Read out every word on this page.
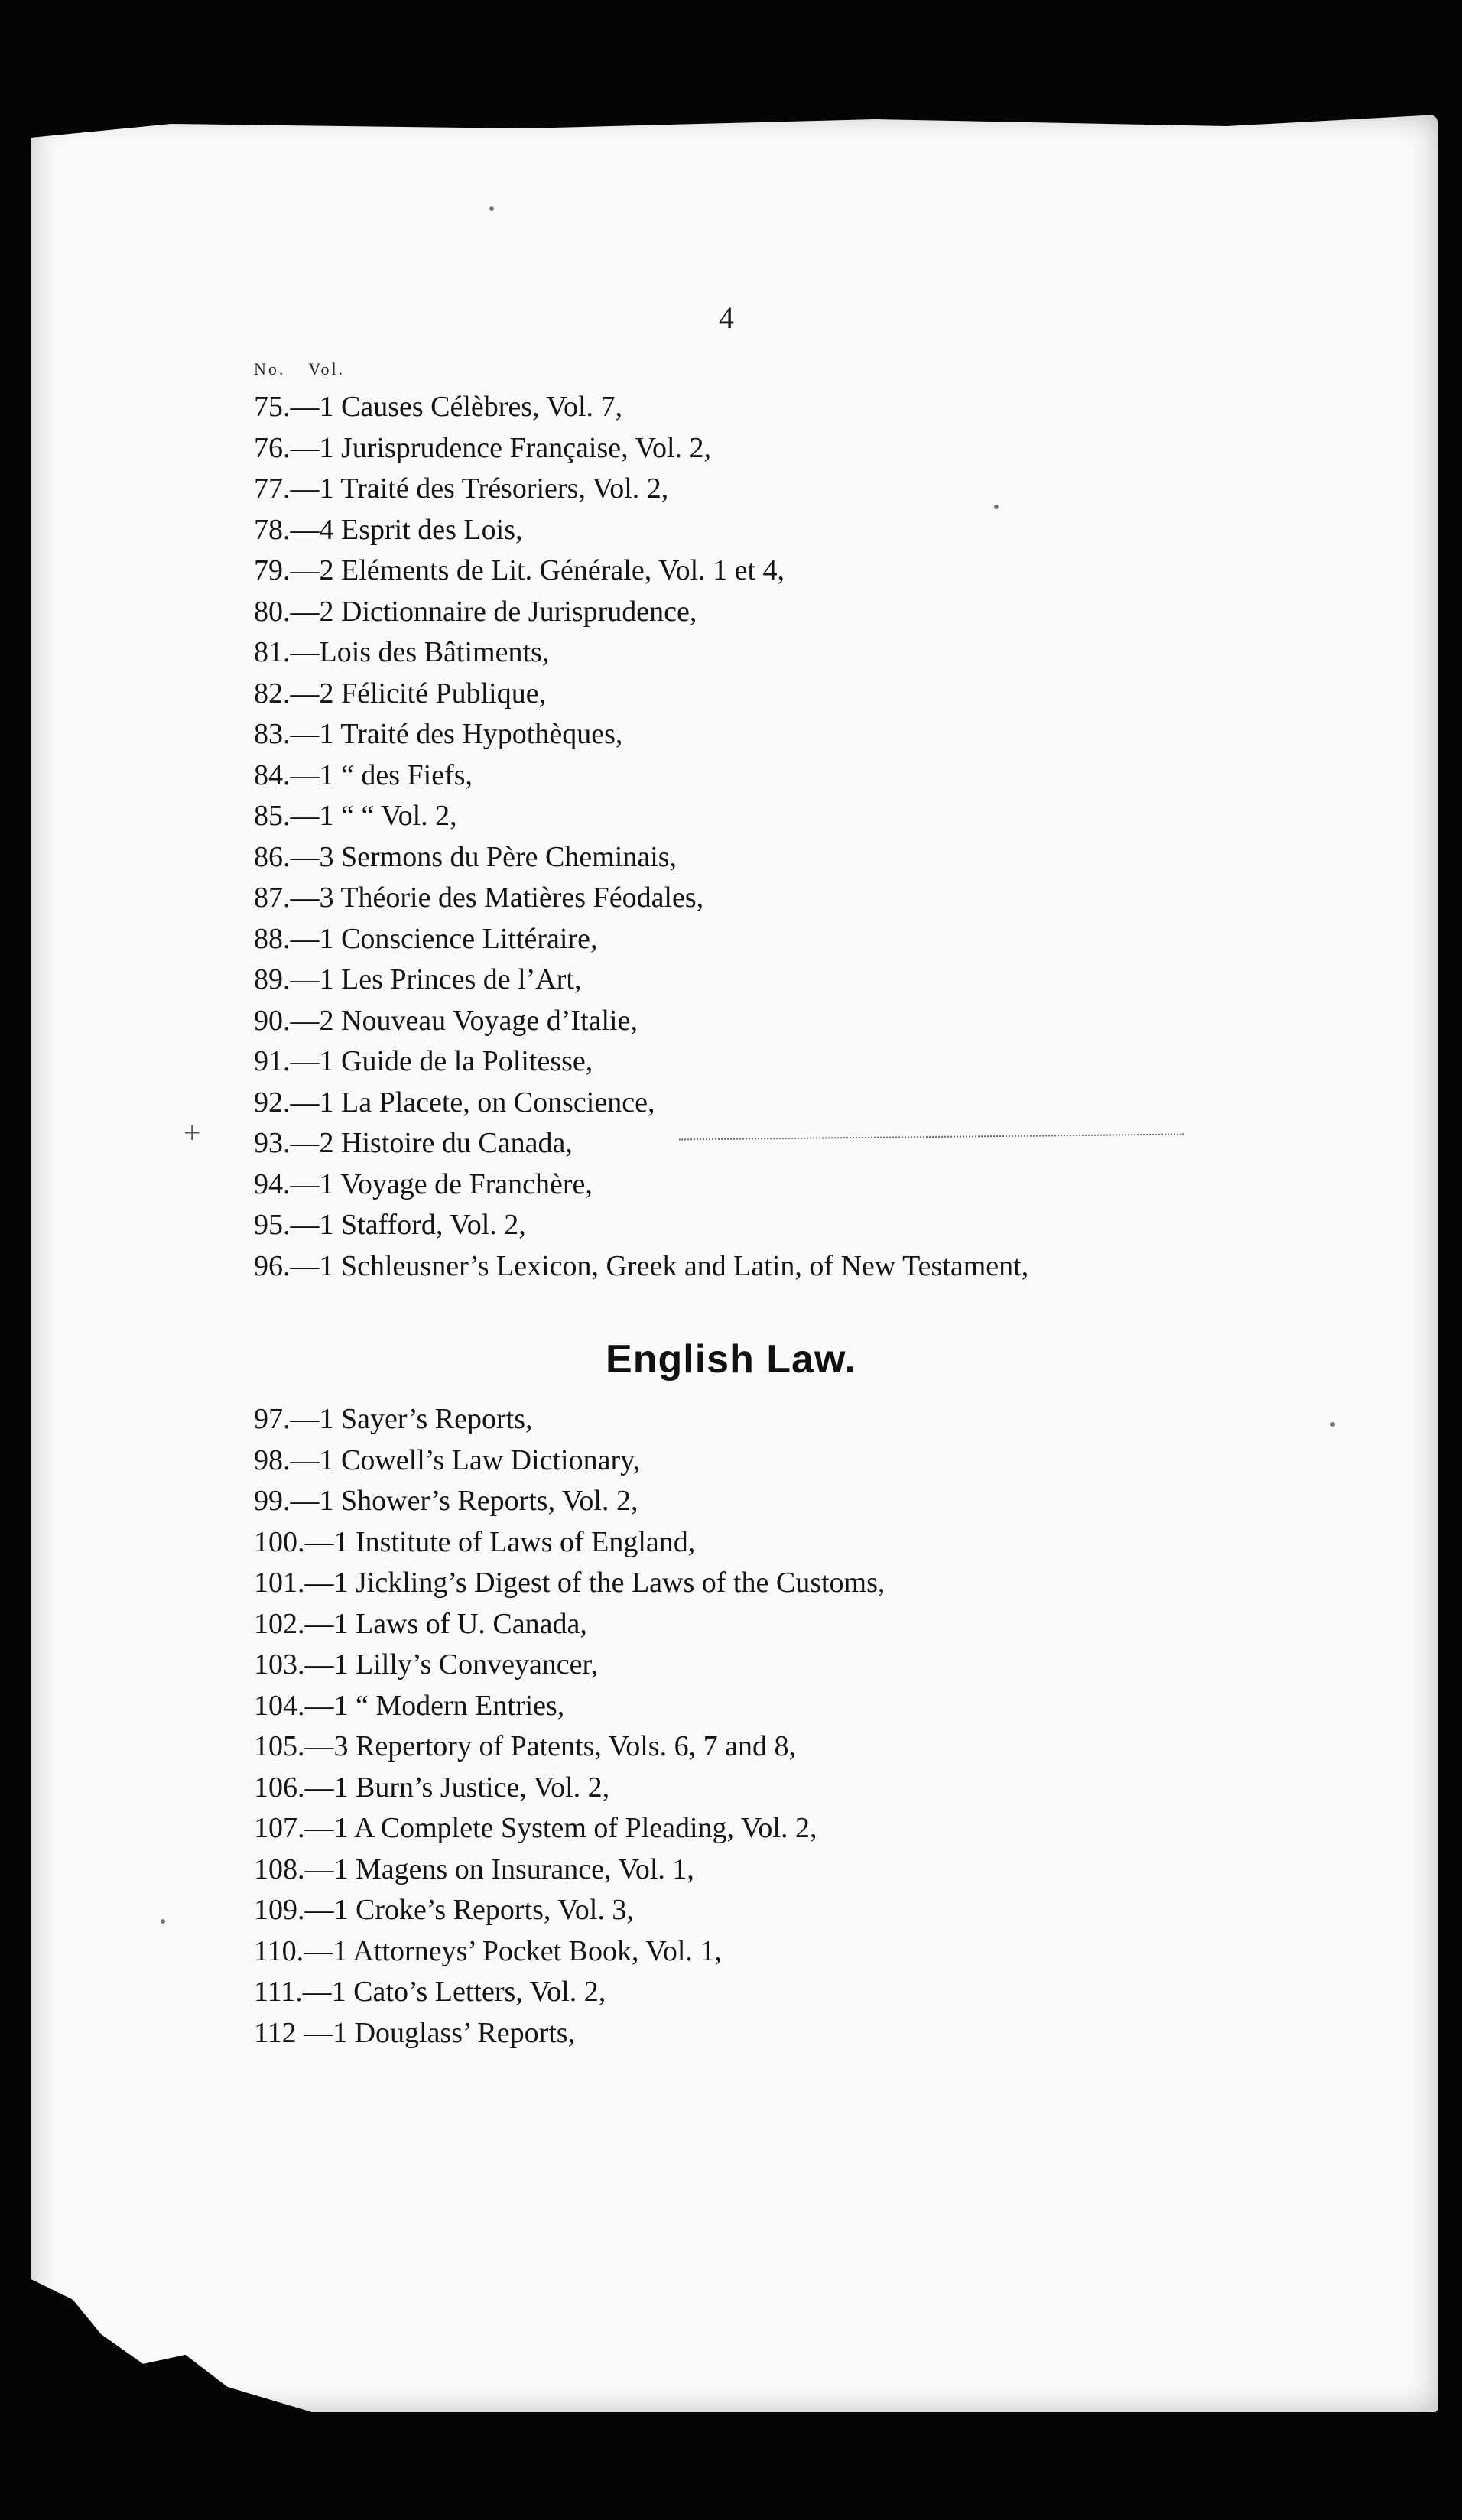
4
No. Vol.
75.—1 Causes Célèbres, Vol. 7,
76.—1 Jurisprudence Française, Vol. 2,
77.—1 Traité des Trésoriers, Vol. 2,
78.—4 Esprit des Lois,
79.—2 Eléments de Lit. Générale, Vol. 1 et 4,
80.—2 Dictionnaire de Jurisprudence,
81.—Lois des Bâtiments,
82.—2 Félicité Publique,
83.—1 Traité des Hypothèques,
84.—1 “ des Fiefs,
85.—1 “ “ Vol. 2,
86.—3 Sermons du Père Cheminais,
87.—3 Théorie des Matières Féodales,
88.—1 Conscience Littéraire,
89.—1 Les Princes de l’Art,
90.—2 Nouveau Voyage d’Italie,
91.—1 Guide de la Politesse,
92.—1 La Placete, on Conscience,
93.—2 Histoire du Canada,
94.—1 Voyage de Franchère,
95.—1 Stafford, Vol. 2,
96.—1 Schleusner’s Lexicon, Greek and Latin, of New Testament,
+
English Law.
97.—1 Sayer’s Reports,
98.—1 Cowell’s Law Dictionary,
99.—1 Shower’s Reports, Vol. 2,
100.—1 Institute of Laws of England,
101.—1 Jickling’s Digest of the Laws of the Customs,
102.—1 Laws of U. Canada,
103.—1 Lilly’s Conveyancer,
104.—1 “ Modern Entries,
105.—3 Repertory of Patents, Vols. 6, 7 and 8,
106.—1 Burn’s Justice, Vol. 2,
107.—1 A Complete System of Pleading, Vol. 2,
108.—1 Magens on Insurance, Vol. 1,
109.—1 Croke’s Reports, Vol. 3,
110.—1 Attorneys’ Pocket Book, Vol. 1,
111.—1 Cato’s Letters, Vol. 2,
112 —1 Douglass’ Reports,
